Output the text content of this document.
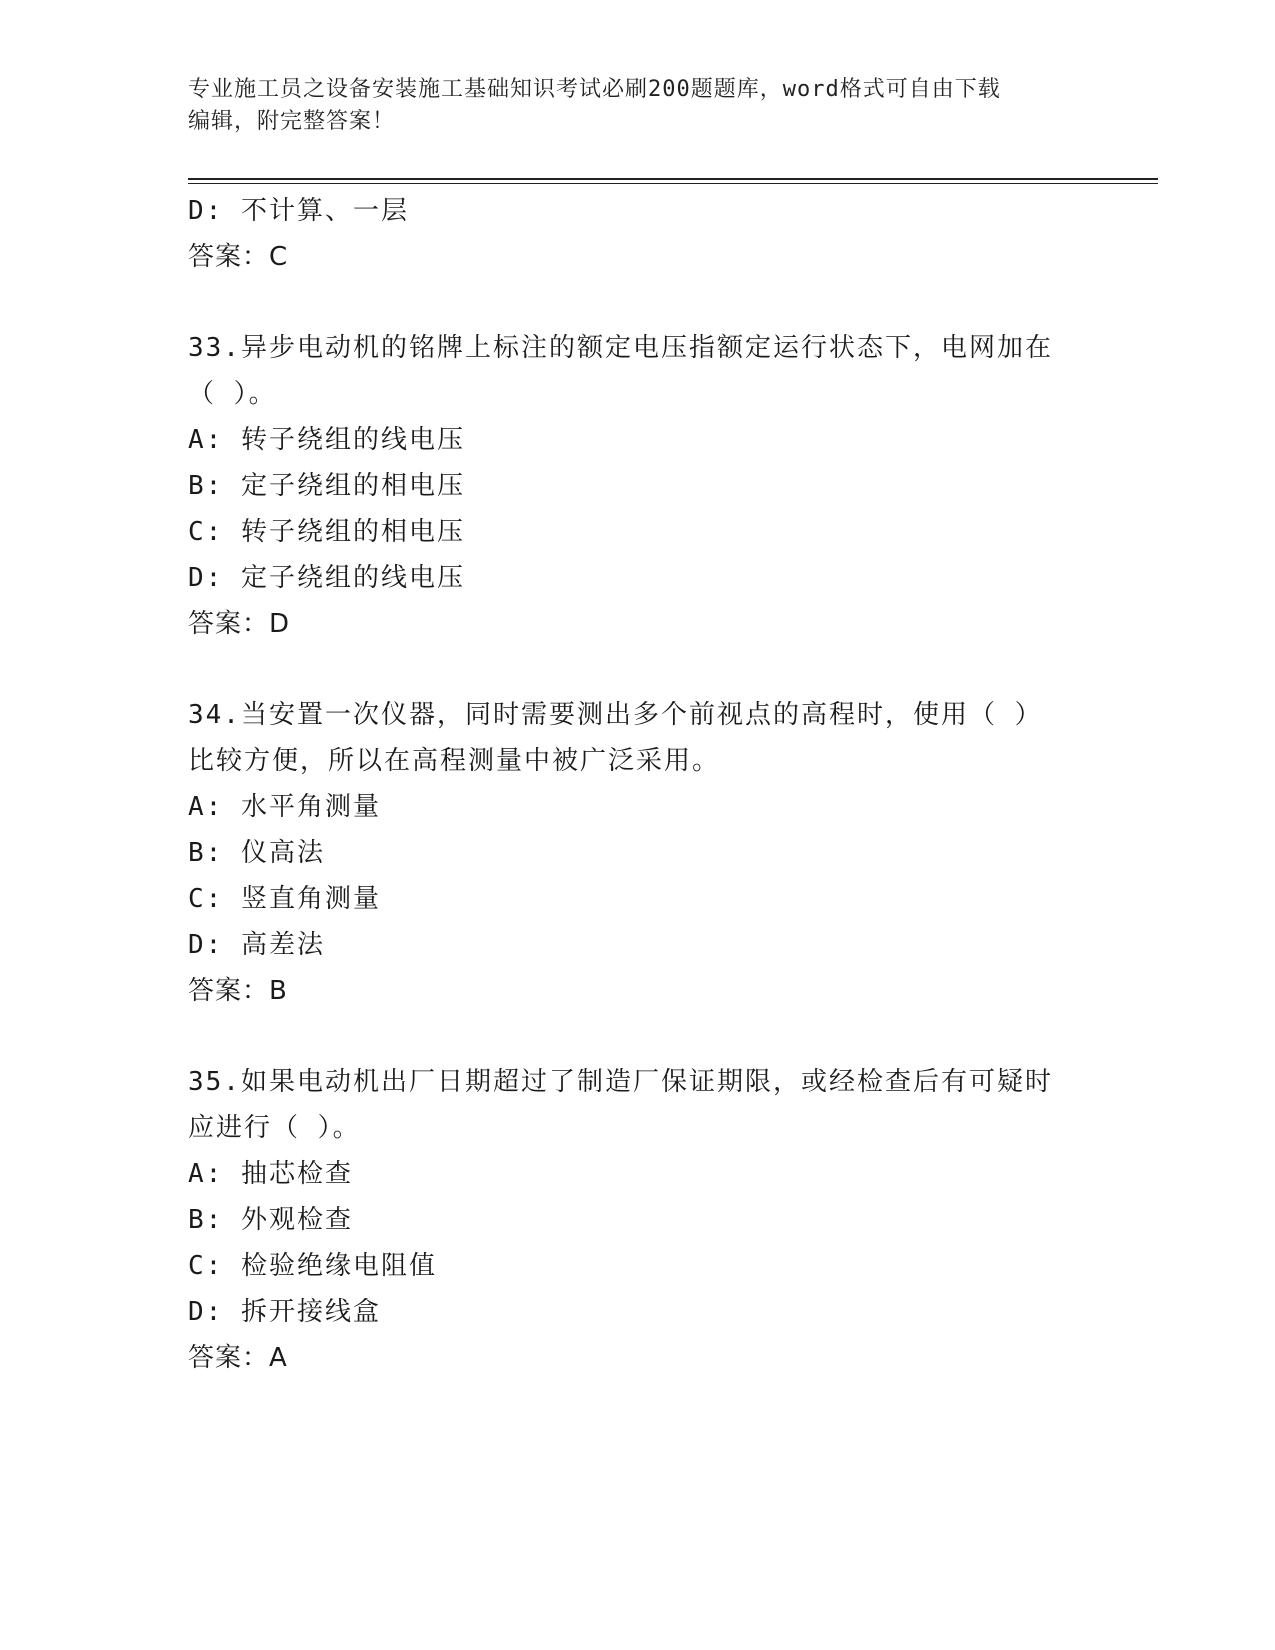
专业施工员之设备安装施工基础知识考试必刷200题题库，word格式可自由下载
编辑，附完整答案！
D: 不计算、一层
答案：C
33.异步电动机的铭牌上标注的额定电压指额定运行状态下，电网加在
（ ）。
A: 转子绕组的线电压
B: 定子绕组的相电压
C: 转子绕组的相电压
D: 定子绕组的线电压
答案：D
34.当安置一次仪器，同时需要测出多个前视点的高程时，使用（ ）
比较方便，所以在高程测量中被广泛采用。
A: 水平角测量
B: 仪高法
C: 竖直角测量
D: 高差法
答案：B
35.如果电动机出厂日期超过了制造厂保证期限，或经检查后有可疑时
应进行（ ）。
A: 抽芯检查
B: 外观检查
C: 检验绝缘电阻值
D: 拆开接线盒
答案：A
